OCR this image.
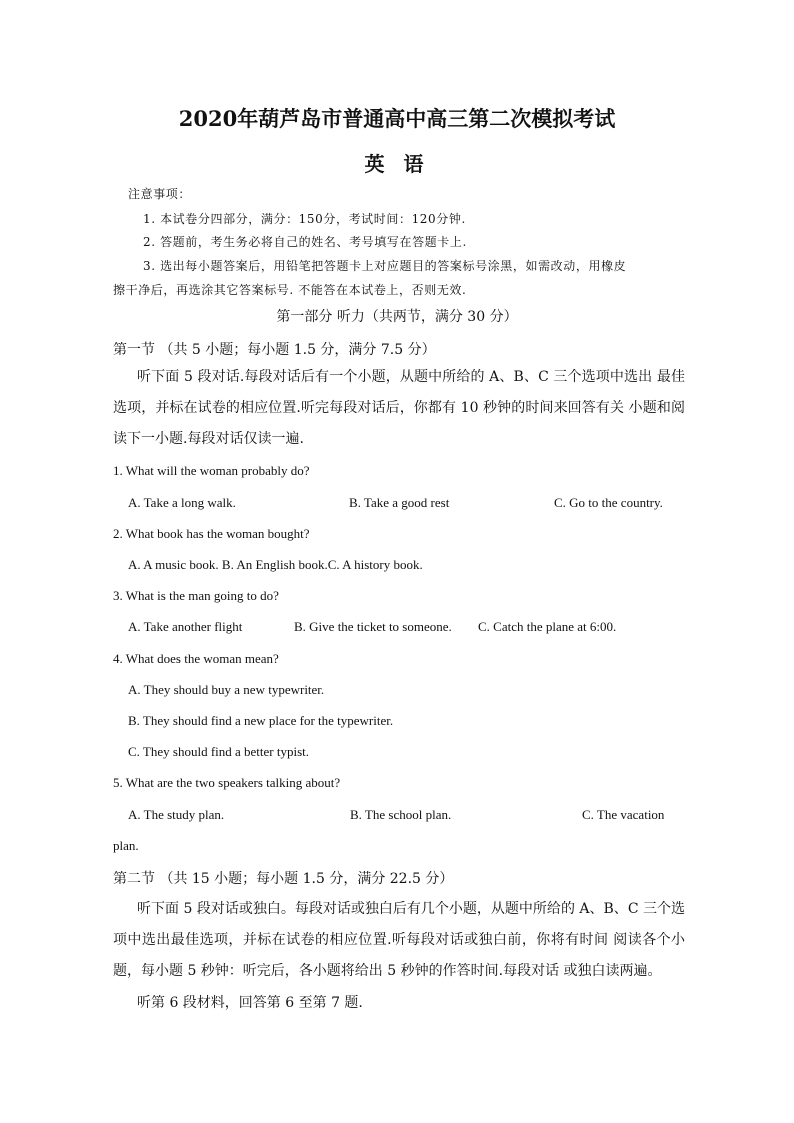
2020年葫芦岛市普通高中高三第二次模拟考试
英 语

注意事项：

1. 本试卷分四部分，满分：150分，考试时间：120分钟.

2. 答题前，考生务必将自己的姓名、考号填写在答题卡上.

3. 选出每小题答案后，用铅笔把答题卡上对应题目的答案标号涂黑，如需改动，用橡皮

擦干净后，再选涂其它答案标号. 不能答在本试卷上，否则无效.

第一部分 听力（共两节，满分 30 分）

第一节 （共 5 小题；每小题 1.5 分，满分 7.5 分）

听下面 5 段对话.每段对话后有一个小题，从题中所给的 A、B、C 三个选项中选出 最佳选项，并标在试卷的相应位置.听完每段对话后，你都有 10 秒钟的时间来回答有关 小题和阅读下一小题.每段对话仅读一遍.

1. What will the woman probably do?

A. Take a long walk.	B. Take a good rest	C. Go to the country.

2. What book has the woman bought?

A. A music book. B. An English book.C. A history book.

3. What is the man going to do?

A. Take another flight	B. Give the ticket to someone. C. Catch the plane at 6:00.

4. What does the woman mean?

A. They should buy a new typewriter.

B. They should find a new place for the typewriter.

C. They should find a better typist.

5. What are the two speakers talking about?

A. The study plan.	B. The school plan.	C. The vacation

plan.

第二节 （共 15 小题；每小题 1.5 分，满分 22.5 分）

听下面 5 段对话或独白。每段对话或独白后有几个小题，从题中所给的 A、B、C 三个选项中选出最佳选项，并标在试卷的相应位置.听每段对话或独白前，你将有时间 阅读各个小题，每小题 5 秒钟：听完后，各小题将给出 5 秒钟的作答时间.每段对话 或独白读两遍。

听第 6 段材料，回答第 6 至第 7 题.
